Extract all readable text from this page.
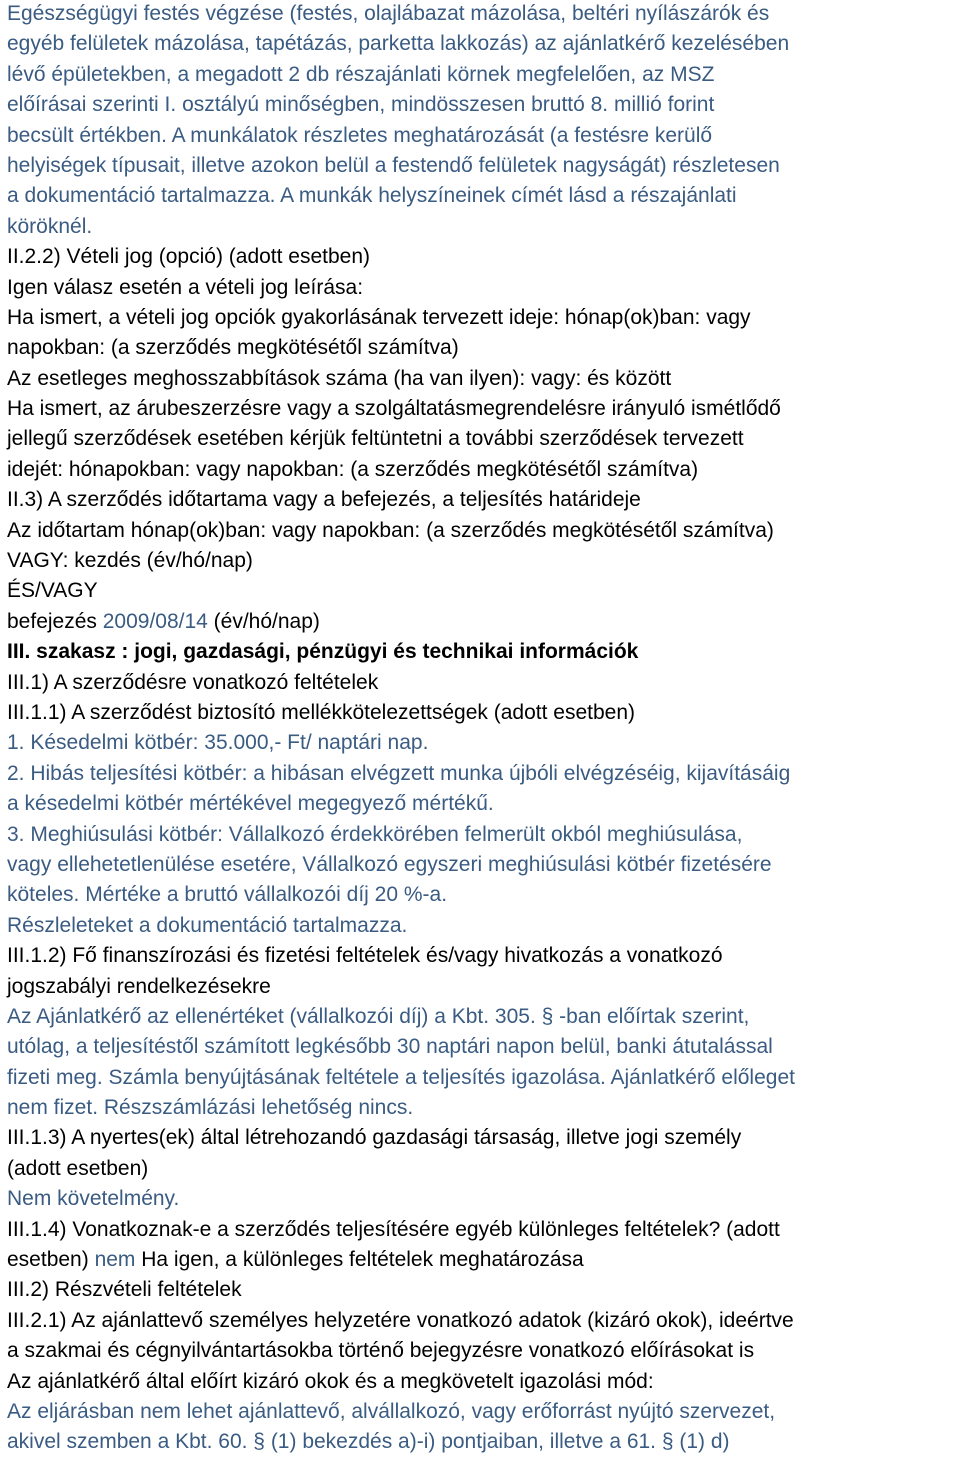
Egészségügyi festés végzése (festés, olajlábazat mázolása, beltéri nyílászárók és
egyéb felületek mázolása, tapétázás, parketta lakkozás) az ajánlatkérő kezelésében
lévő épületekben, a megadott 2 db részajánlati körnek megfelelően, az MSZ
előírásai szerinti I. osztályú minőségben, mindösszesen bruttó 8. millió forint
becsült értékben. A munkálatok részletes meghatározását (a festésre kerülő
helyiségek típusait, illetve azokon belül a festendő felületek nagyságát) részletesen
a dokumentáció tartalmazza. A munkák helyszíneinek címét lásd a részajánlati
köröknél.
II.2.2) Vételi jog (opció) (adott esetben)
Igen válasz esetén a vételi jog leírása:
Ha ismert, a vételi jog opciók gyakorlásának tervezett ideje: hónap(ok)ban: vagy
napokban: (a szerződés megkötésétől számítva)
Az esetleges meghosszabbítások száma (ha van ilyen): vagy: és között
Ha ismert, az árubeszerzésre vagy a szolgáltatásmegrendelésre irányuló ismétlődő
jellegű szerződések esetében kérjük feltüntetni a további szerződések tervezett
idejét: hónapokban: vagy napokban: (a szerződés megkötésétől számítva)
II.3) A szerződés időtartama vagy a befejezés, a teljesítés határideje
Az időtartam hónap(ok)ban: vagy napokban: (a szerződés megkötésétől számítva)
VAGY: kezdés (év/hó/nap)
ÉS/VAGY
befejezés 2009/08/14 (év/hó/nap)
III. szakasz : jogi, gazdasági, pénzügyi és technikai információk
III.1) A szerződésre vonatkozó feltételek
III.1.1) A szerződést biztosító mellékkötelezettségek (adott esetben)
1. Késedelmi kötbér: 35.000,- Ft/ naptári nap.
2. Hibás teljesítési kötbér: a hibásan elvégzett munka újbóli elvégzéséig, kijavításáig
a késedelmi kötbér mértékével megegyező mértékű.
3. Meghiúsulási kötbér: Vállalkozó érdekkörében felmerült okból meghiúsulása,
vagy ellehetetlenülése esetére, Vállalkozó egyszeri meghiúsulási kötbér fizetésére
köteles. Mértéke a bruttó vállalkozói díj 20 %-a.
Részleleteket a dokumentáció tartalmazza.
III.1.2) Fő finanszírozási és fizetési feltételek és/vagy hivatkozás a vonatkozó
jogszabályi rendelkezésekre
Az Ajánlatkérő az ellenértéket (vállalkozói díj) a Kbt. 305. § -ban előírtak szerint,
utólag, a teljesítéstől számított legkésőbb 30 naptári napon belül, banki átutalással
fizeti meg. Számla benyújtásának feltétele a teljesítés igazolása. Ajánlatkérő előleget
nem fizet. Részszámlázási lehetőség nincs.
III.1.3) A nyertes(ek) által létrehozandó gazdasági társaság, illetve jogi személy
(adott esetben)
Nem követelmény.
III.1.4) Vonatkoznak-e a szerződés teljesítésére egyéb különleges feltételek? (adott
esetben) nem Ha igen, a különleges feltételek meghatározása
III.2) Részvételi feltételek
III.2.1) Az ajánlattevő személyes helyzetére vonatkozó adatok (kizáró okok), ideértve
a szakmai és cégnyilvántartásokba történő bejegyzésre vonatkozó előírásokat is
Az ajánlatkérő által előírt kizáró okok és a megkövetelt igazolási mód:
Az eljárásban nem lehet ajánlattevő, alvállalkozó, vagy erőforrást nyújtó szervezet,
akivel szemben a Kbt. 60. § (1) bekezdés a)-i) pontjaiban, illetve a 61. § (1) d)
